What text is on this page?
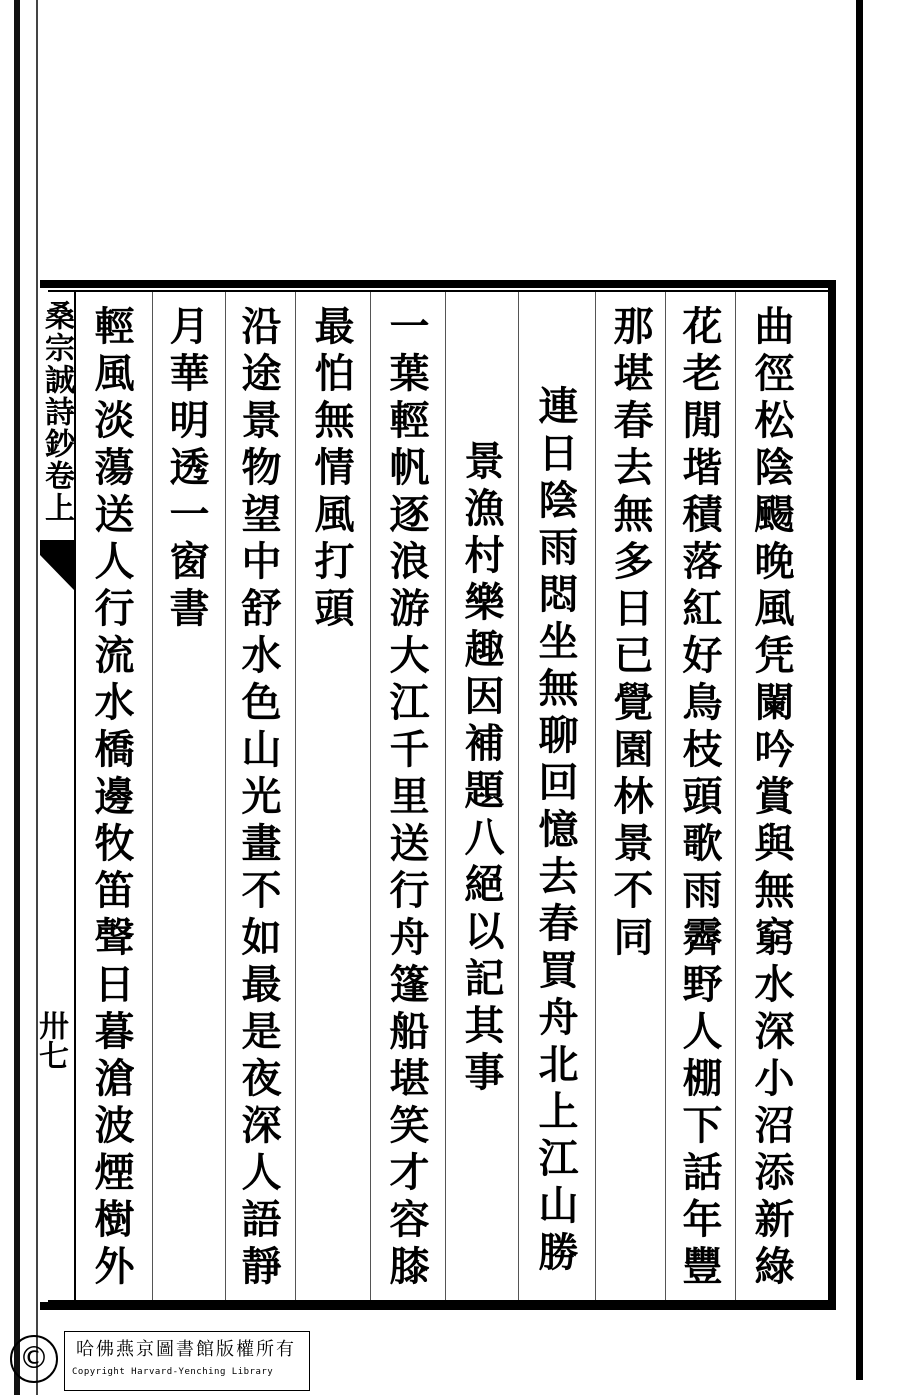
桑宗誠詩鈔卷上
卅七	曲徑松陰颺晚風凭闌吟賞與無窮水深小沼添新綠
花老閒堦積落紅好鳥枝頭歌雨霽野人棚下話年豐
那堪春去無多日已覺園林景不同
連日陰雨悶坐無聊回憶去春買舟北上江山勝
景漁村樂趣因補題八絕以記其事
一葉輕帆逐浪游大江千里送行舟篷船堪笑才容膝
最怕無情風打頭
沿途景物望中舒水色山光畫不如最是夜深人語靜
月華明透一窗書
輕風淡蕩送人行流水橋邊牧笛聲日暮滄波煙樹外
©	哈佛燕京圖書館版權所有
Copyright Harvard-Yenching Library
